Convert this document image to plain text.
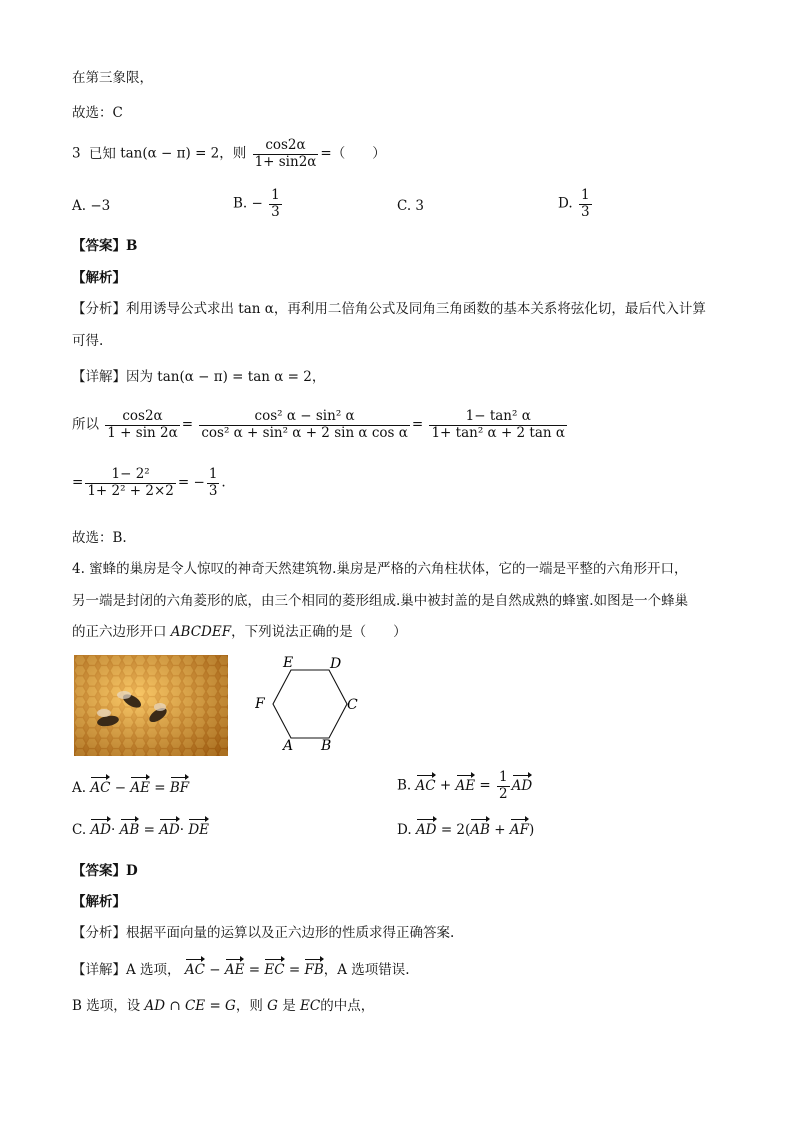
在第三象限，
故选：C
3 已知 tan(α − π) = 2，则 $\frac{\cos 2\alpha}{1+ \sin 2\alpha}$ =（　　）
A. −3	B. − $\frac{1}{3}$	C. 3	D. $\frac{1}{3}$
【答案】B
【解析】
【分析】利用诱导公式求出 tan α，再利用二倍角公式及同角三角函数的基本关系将弦化切，最后代入计算
可得.
【详解】因为 tan(α − π) = tan α = 2，
所以 $\frac{\cos 2\alpha}{1 + \sin 2\alpha} = \frac{\text{cos² α − sin² α}}{\text{cos² α + sin² α + 2 sin α cos α}} = \frac{\text{1− tan² α}}{\text{1+ tan² α + 2 tan α}}$
= $\frac{\text{1− 2²}}{\text{1+ 2² + 2×2}}$ = − $\frac{1}{3}$ .
故选：B.
4. 蜜蜂的巢房是令人惊叹的神奇天然建筑物.巢房是严格的六角柱状体，它的一端是平整的六角形开口，
另一端是封闭的六角菱形的底，由三个相同的菱形组成.巢中被封盖的是自然成熟的蜂蜜.如图是一个蜂巢
的正六边形开口 ABCDEF，下列说法正确的是（　　）
E	D
F	C
A B
A. AC − AE = BF	B. AC + AE = $\frac{1}{2}$ AD
C. AD· AB = AD· DE	D. AD = 2(AB + AF)
【答案】D
【解析】
【分析】根据平面向量的运算以及正六边形的性质求得正确答案.
【详解】A 选项， AC − AE = EC = FB，A 选项错误.
B 选项，设 AD ∩ CE = G，则 G 是 EC的中点，
